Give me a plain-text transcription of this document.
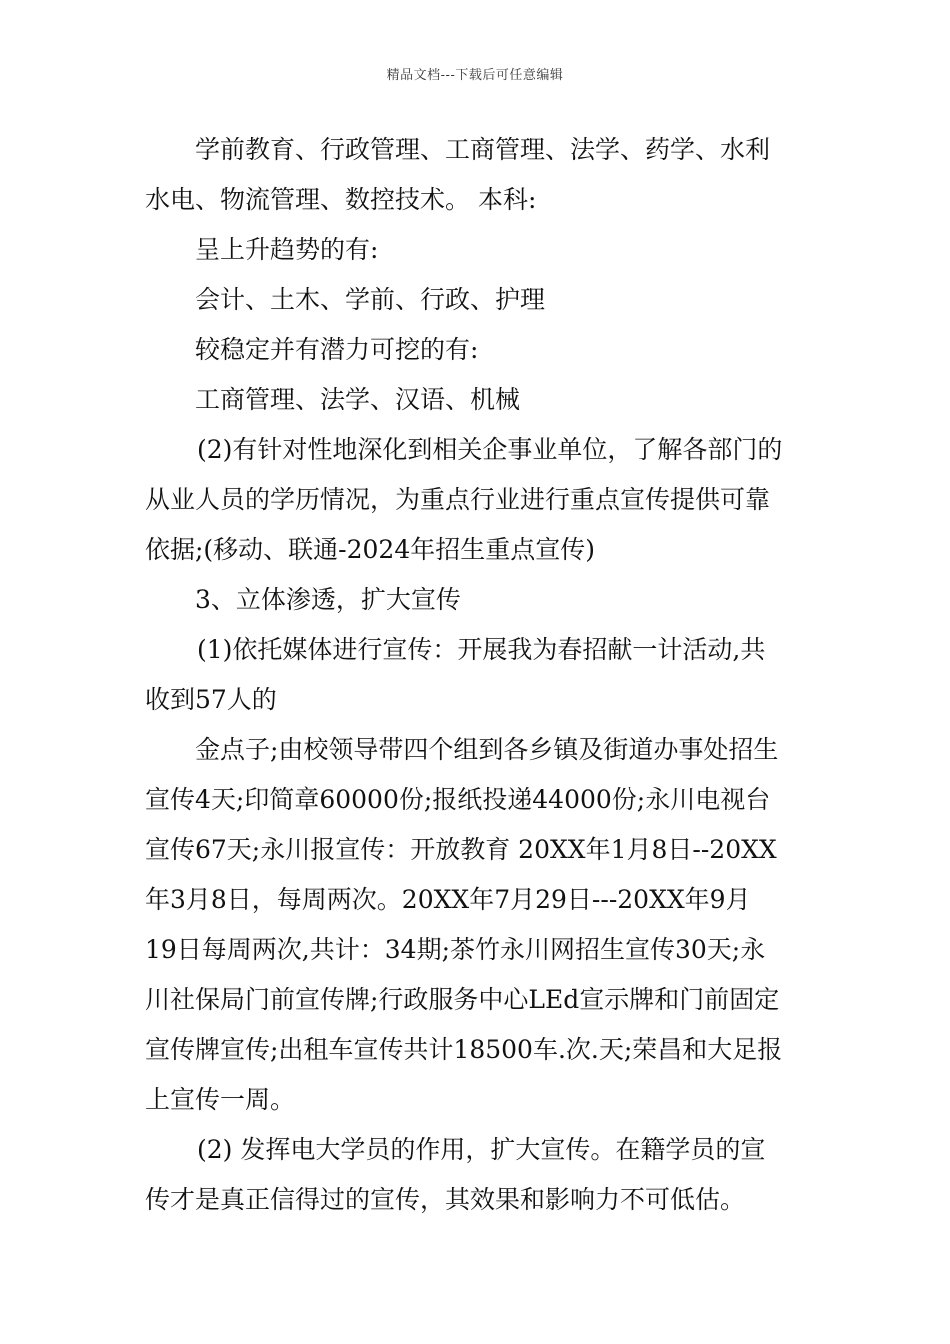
精品文档---下载后可任意编辑
学前教育、行政管理、工商管理、法学、药学、水利
水电、物流管理、数控技术。 本科:
呈上升趋势的有:
会计、土木、学前、行政、护理
较稳定并有潜力可挖的有:
工商管理、法学、汉语、机械
(2)有针对性地深化到相关企事业单位，了解各部门的
从业人员的学历情况，为重点行业进行重点宣传提供可靠
依据;(移动、联通-2024年招生重点宣传)
3、立体渗透，扩大宣传
(1)依托媒体进行宣传：开展我为春招献一计活动,共
收到57人的
金点子;由校领导带四个组到各乡镇及街道办事处招生
宣传4天;印简章60000份;报纸投递44000份;永川电视台
宣传67天;永川报宣传：开放教育 20XX年1月8日--20XX
年3月8日，每周两次。20XX年7月29日---20XX年9月
19日每周两次,共计：34期;茶竹永川网招生宣传30天;永
川社保局门前宣传牌;行政服务中心LEd宣示牌和门前固定
宣传牌宣传;出租车宣传共计18500车.次.天;荣昌和大足报
上宣传一周。
(2) 发挥电大学员的作用，扩大宣传。在籍学员的宣
传才是真正信得过的宣传，其效果和影响力不可低估。
